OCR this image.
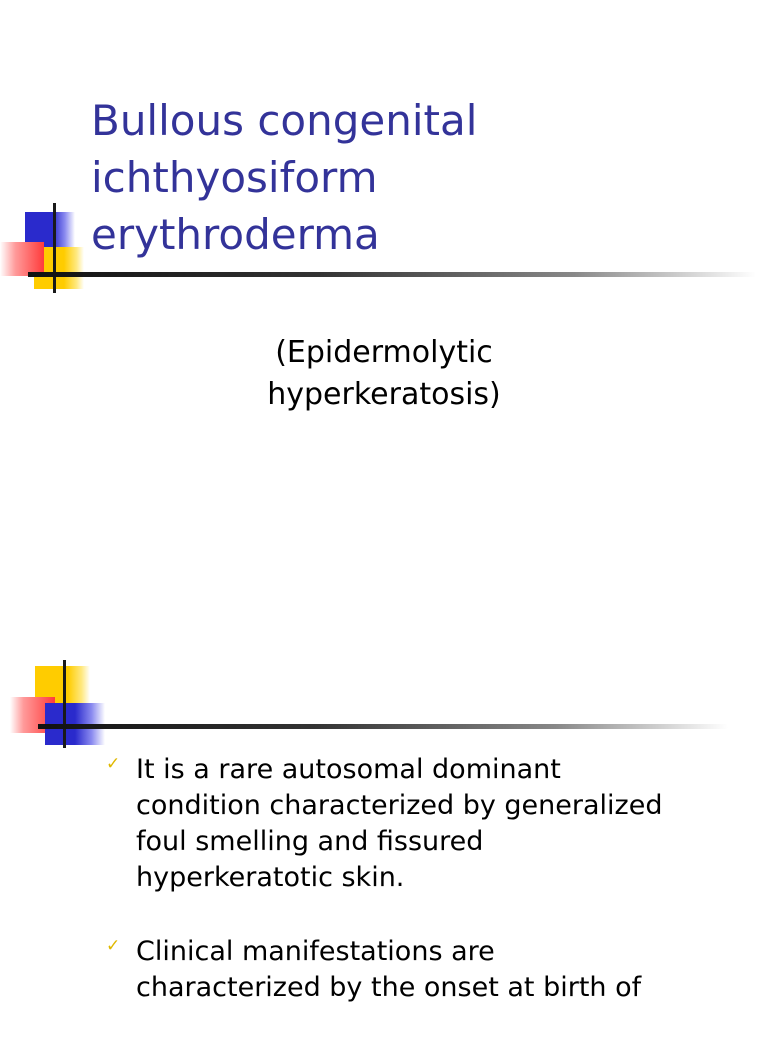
Bullous congenital
ichthyosiform
erythroderma
(Epidermolytic
hyperkeratosis)
✓ It is a rare autosomal dominant
condition characterized by generalized
foul smelling and fissured
hyperkeratotic skin.
✓ Clinical manifestations are
characterized by the onset at birth of
